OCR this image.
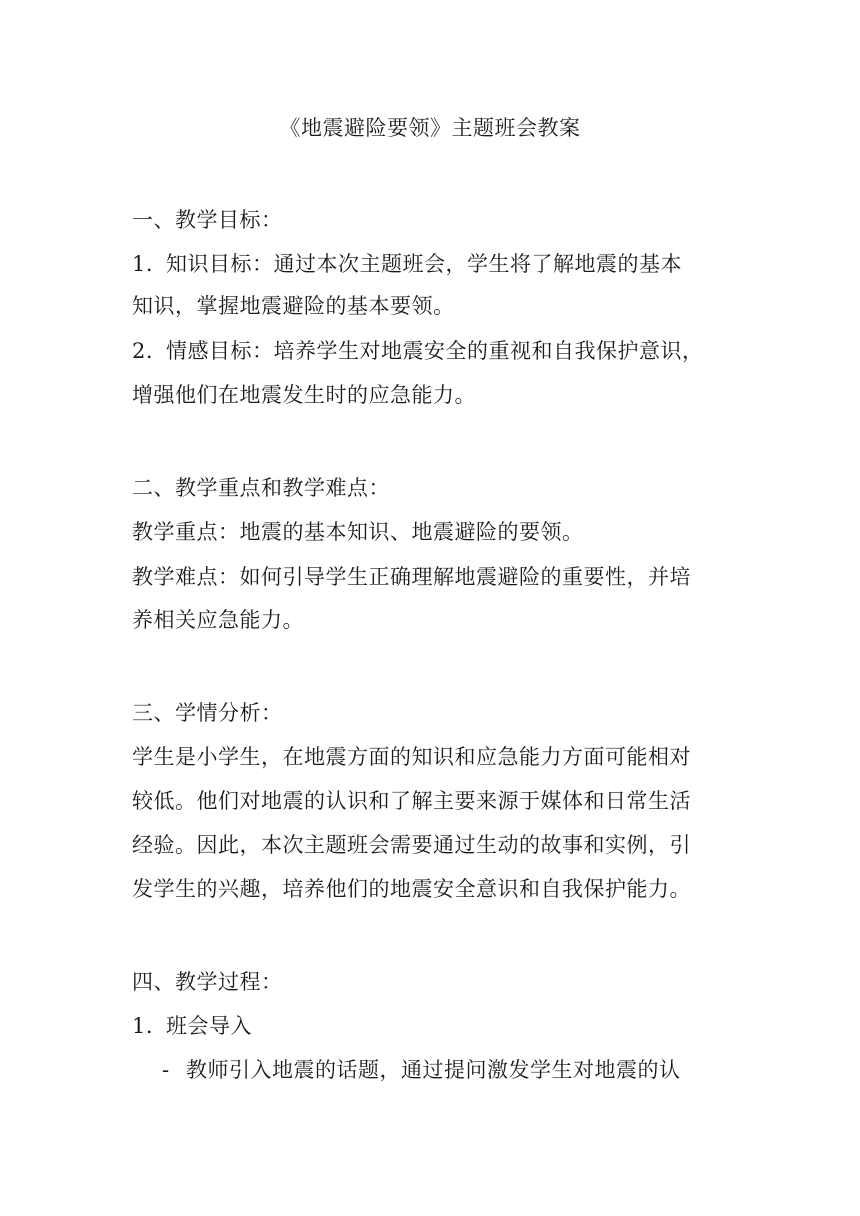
《地震避险要领》主题班会教案
一、教学目标：
1. 知识目标：通过本次主题班会，学生将了解地震的基本
知识，掌握地震避险的基本要领。
2. 情感目标：培养学生对地震安全的重视和自我保护意识，
增强他们在地震发生时的应急能力。
二、教学重点和教学难点：
教学重点：地震的基本知识、地震避险的要领。
教学难点：如何引导学生正确理解地震避险的重要性，并培
养相关应急能力。
三、学情分析：
学生是小学生，在地震方面的知识和应急能力方面可能相对
较低。他们对地震的认识和了解主要来源于媒体和日常生活
经验。因此，本次主题班会需要通过生动的故事和实例，引
发学生的兴趣，培养他们的地震安全意识和自我保护能力。
四、教学过程：
1. 班会导入
- 教师引入地震的话题，通过提问激发学生对地震的认
